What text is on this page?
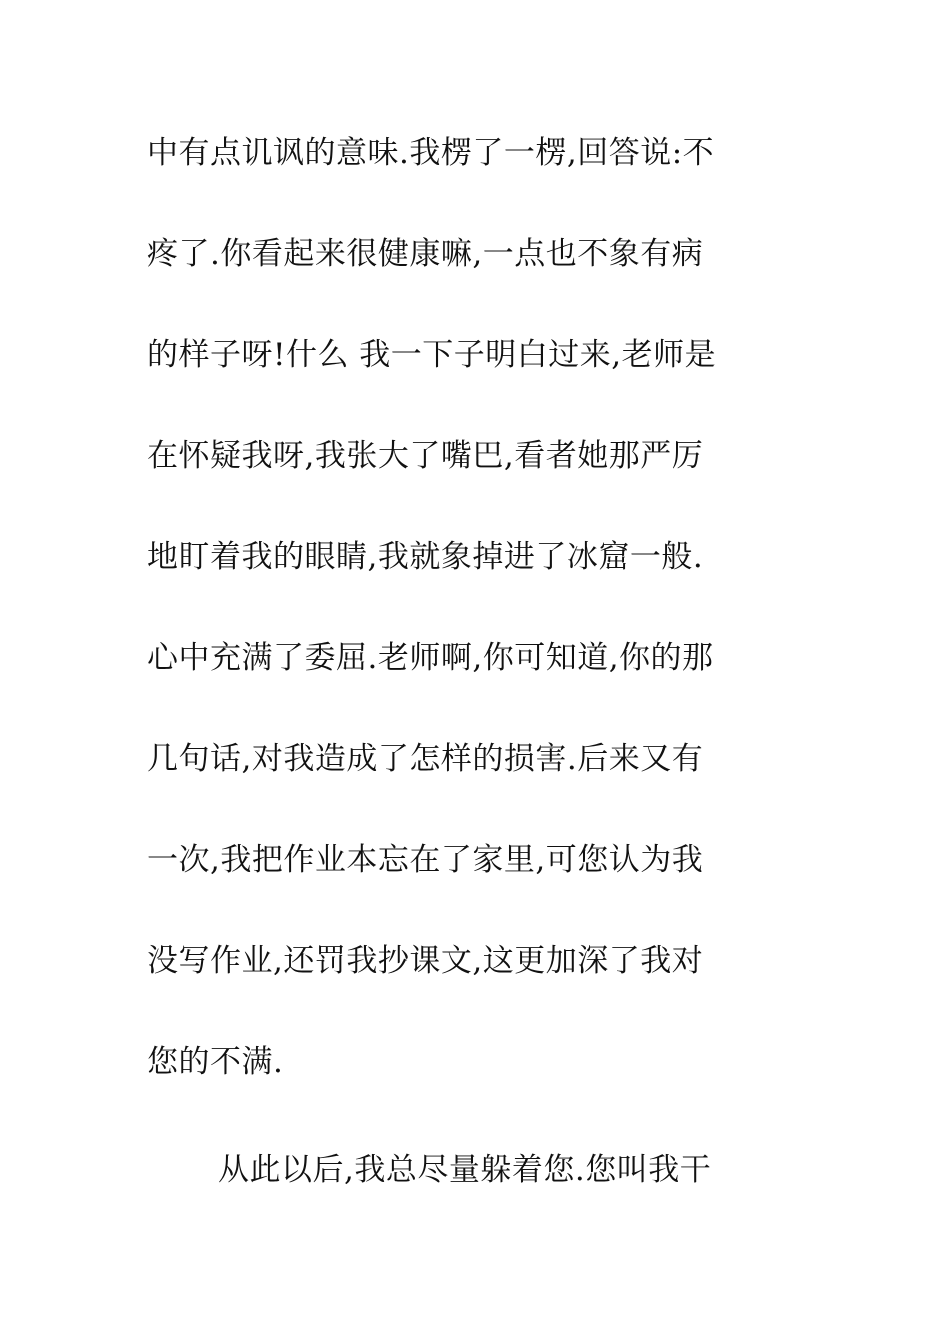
中有点讥讽的意味.我楞了一楞,回答说:不
疼了.你看起来很健康嘛,一点也不象有病
的样子呀!什么 我一下子明白过来,老师是
在怀疑我呀,我张大了嘴巴,看者她那严厉
地盯着我的眼睛,我就象掉进了冰窟一般.
心中充满了委屈.老师啊,你可知道,你的那
几句话,对我造成了怎样的损害.后来又有
一次,我把作业本忘在了家里,可您认为我
没写作业,还罚我抄课文,这更加深了我对
您的不满.
从此以后,我总尽量躲着您.您叫我干
